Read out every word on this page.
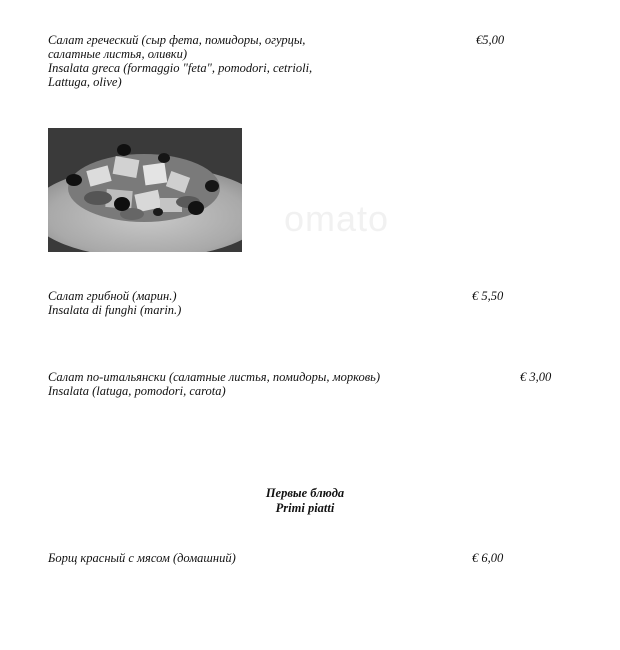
omato
Салат греческий (сыр фета, помидоры, огурцы,
салатные листья, оливки)
Insalata greca (formaggio "feta", pomodori, cetrioli,
Lattuga, olive)
€5,00
Салат грибной (марин.)
Insalata di funghi (marin.)
€ 5,50
Салат по-итальянски (салатные листья, помидоры, морковь)
Insalata (latuga, pomodori, carota)
€ 3,00
Первые блюда
Primi piatti
Борщ красный с мясом (домашний)	€ 6,00
